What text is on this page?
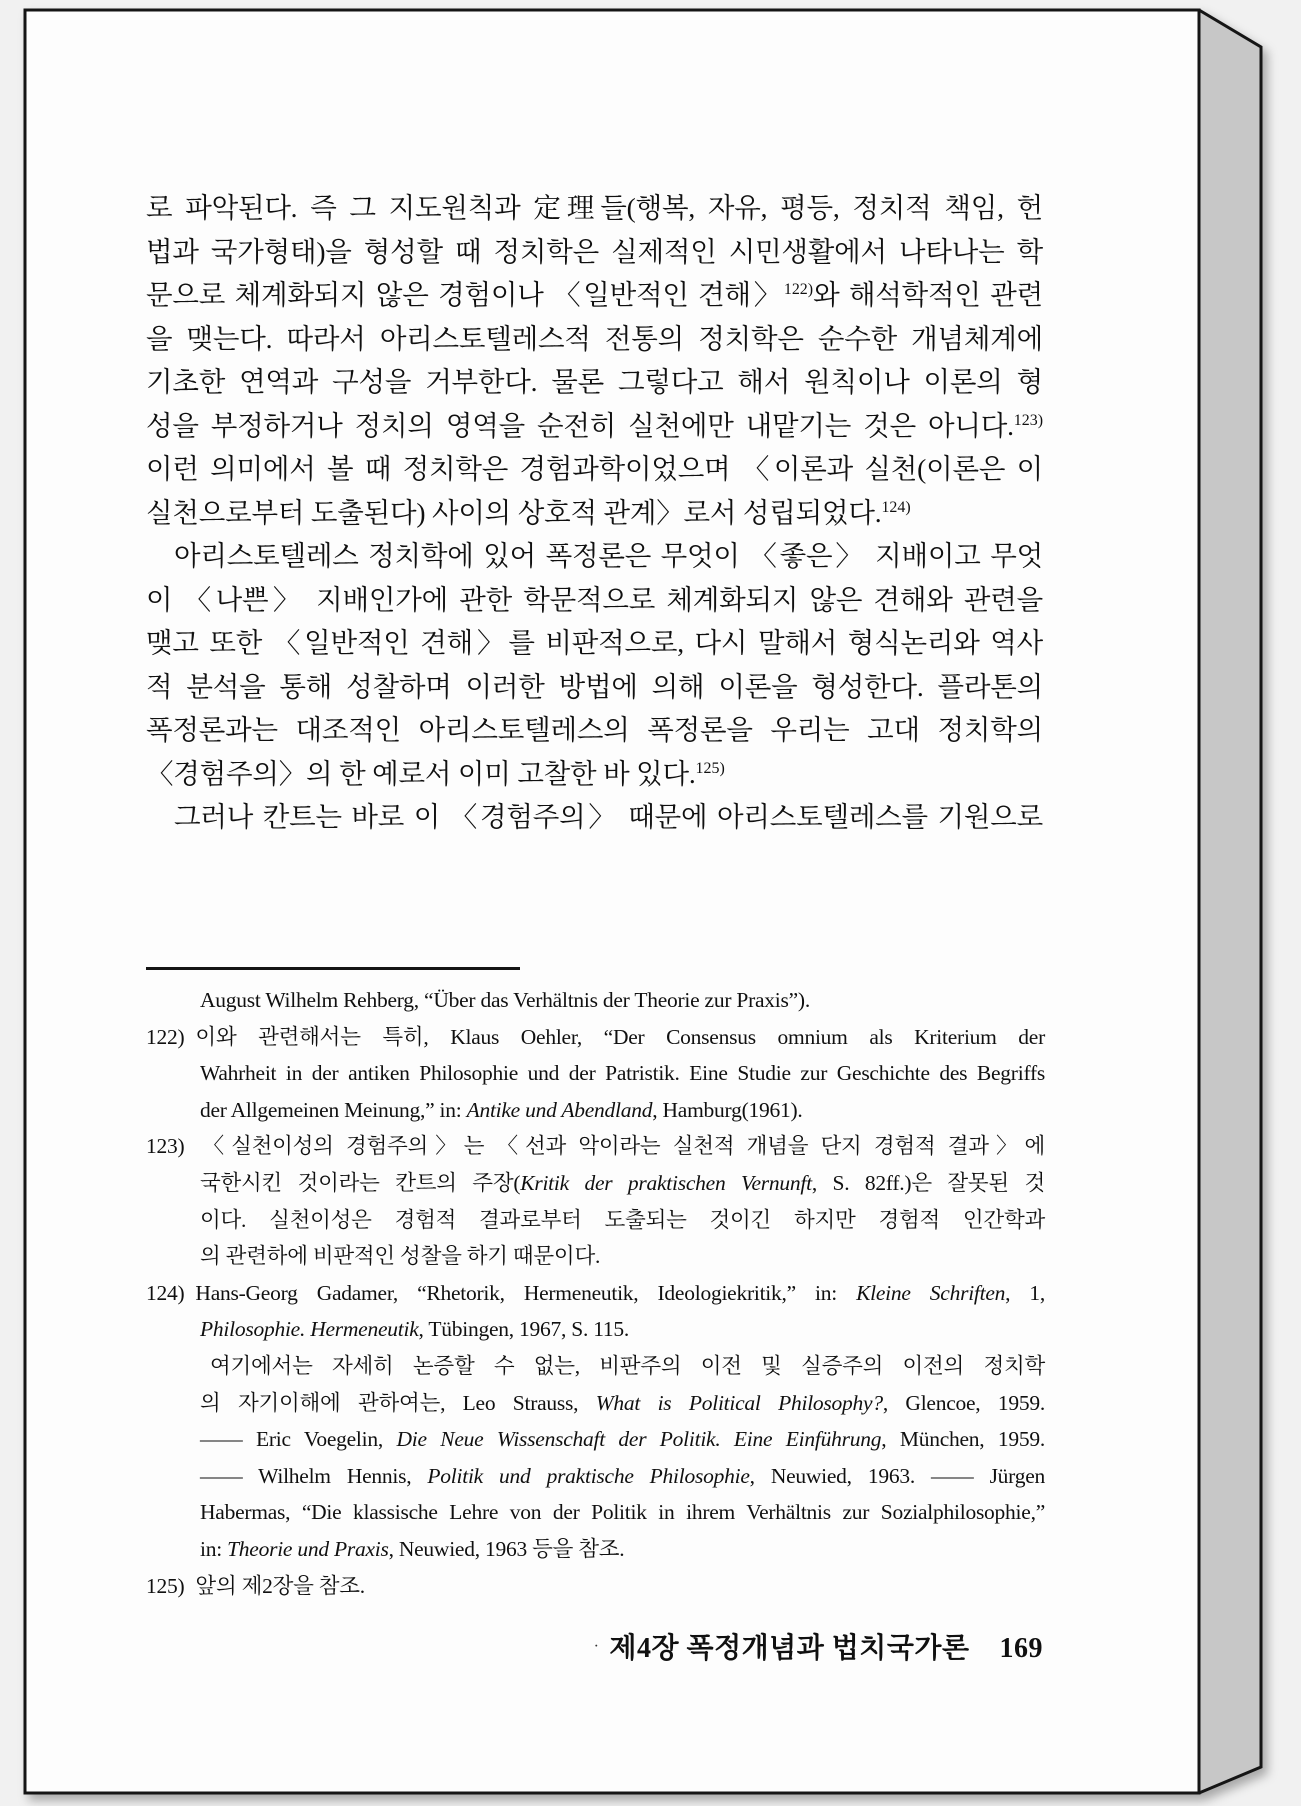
로 파악된다. 즉 그 지도원칙과 定理들(행복, 자유, 평등, 정치적 책임, 헌
법과 국가형태)을 형성할 때 정치학은 실제적인 시민생활에서 나타나는 학
문으로 체계화되지 않은 경험이나 〈일반적인 견해〉$^{122)}$와 해석학적인 관련
을 맺는다. 따라서 아리스토텔레스적 전통의 정치학은 순수한 개념체계에
기초한 연역과 구성을 거부한다. 물론 그렇다고 해서 원칙이나 이론의 형
성을 부정하거나 정치의 영역을 순전히 실천에만 내맡기는 것은 아니다.$^{123)}$
이런 의미에서 볼 때 정치학은 경험과학이었으며 〈이론과 실천(이론은 이
실천으로부터 도출된다) 사이의 상호적 관계〉로서 성립되었다.$^{124)}$
아리스토텔레스 정치학에 있어 폭정론은 무엇이 〈좋은〉 지배이고 무엇
이 〈나쁜〉 지배인가에 관한 학문적으로 체계화되지 않은 견해와 관련을
맺고 또한 〈일반적인 견해〉를 비판적으로, 다시 말해서 형식논리와 역사
적 분석을 통해 성찰하며 이러한 방법에 의해 이론을 형성한다. 플라톤의
폭정론과는 대조적인 아리스토텔레스의 폭정론을 우리는 고대 정치학의
〈경험주의〉의 한 예로서 이미 고찰한 바 있다.$^{125)}$
그러나 칸트는 바로 이 〈경험주의〉 때문에 아리스토텔레스를 기원으로
August Wilhelm Rehberg, “Über das Verhältnis der Theorie zur Praxis”).
122) 이와 관련해서는 특히, Klaus Oehler, “Der Consensus omnium als Kriterium der
Wahrheit in der antiken Philosophie und der Patristik. Eine Studie zur Geschichte des Begriffs
der Allgemeinen Meinung,” in: Antike und Abendland, Hamburg(1961).
123) 〈실천이성의 경험주의〉는 〈선과 악이라는 실천적 개념을 단지 경험적 결과〉에
국한시킨 것이라는 칸트의 주장(Kritik der praktischen Vernunft, S. 82ff.)은 잘못된 것
이다. 실천이성은 경험적 결과로부터 도출되는 것이긴 하지만 경험적 인간학과
의 관련하에 비판적인 성찰을 하기 때문이다.
124) Hans-Georg Gadamer, “Rhetorik, Hermeneutik, Ideologiekritik,” in: Kleine Schriften, 1,
Philosophie. Hermeneutik, Tübingen, 1967, S. 115.
여기에서는 자세히 논증할 수 없는, 비판주의 이전 및 실증주의 이전의 정치학
의 자기이해에 관하여는, Leo Strauss, What is Political Philosophy?, Glencoe, 1959.
—— Eric Voegelin, Die Neue Wissenschaft der Politik. Eine Einführung, München, 1959.
—— Wilhelm Hennis, Politik und praktische Philosophie, Neuwied, 1963. —— Jürgen
Habermas, “Die klassische Lehre von der Politik in ihrem Verhältnis zur Sozialphilosophie,”
in: Theorie und Praxis, Neuwied, 1963 등을 참조.
125) 앞의 제2장을 참조.
· 제4장 폭정개념과 법치국가론 169
